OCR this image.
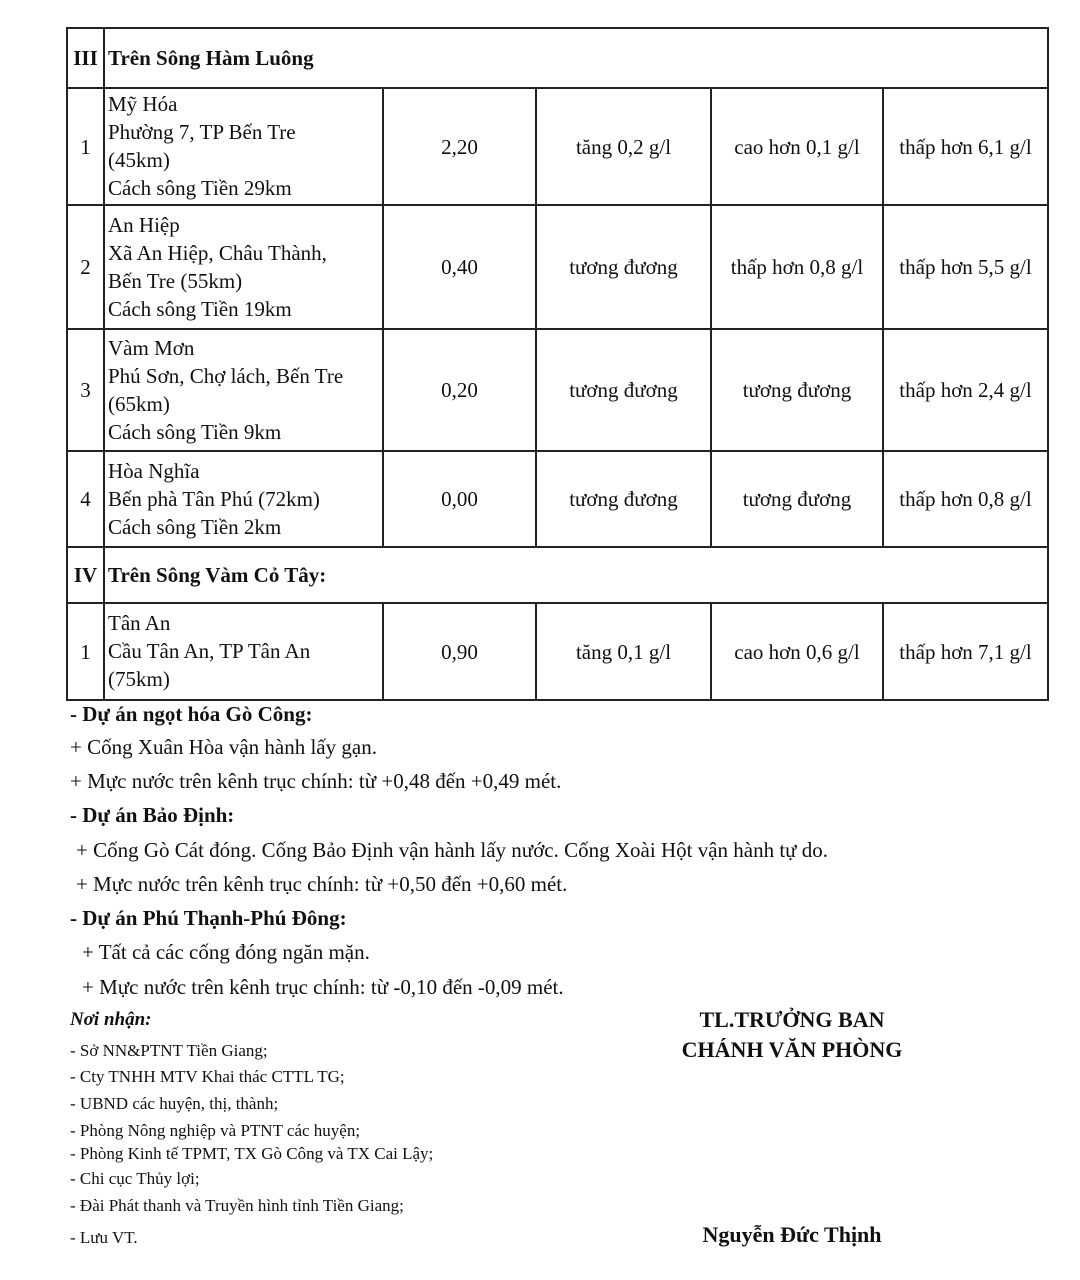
III	Trên Sông Hàm Luông				
1	Mỹ Hóa
Phường 7, TP Bến Tre
(45km)
Cách sông Tiền 29km	2,20	tăng 0,2 g/l	cao hơn 0,1 g/l	thấp hơn 6,1 g/l
2	An Hiệp
Xã An Hiệp, Châu Thành,
Bến Tre (55km)
Cách sông Tiền 19km	0,40	tương đương	thấp hơn 0,8 g/l	thấp hơn 5,5 g/l
3	Vàm Mơn
Phú Sơn, Chợ lách, Bến Tre
(65km)
Cách sông Tiền 9km	0,20	tương đương	tương đương	thấp hơn 2,4 g/l
4	Hòa Nghĩa
Bến phà Tân Phú (72km)
Cách sông Tiền 2km	0,00	tương đương	tương đương	thấp hơn 0,8 g/l
IV	Trên Sông Vàm Cỏ Tây:				
1	Tân An
Cầu Tân An, TP Tân An
(75km)	0,90	tăng 0,1 g/l	cao hơn 0,6 g/l	thấp hơn 7,1 g/l
- Dự án ngọt hóa Gò Công:
+ Cống Xuân Hòa vận hành lấy gạn.
+ Mực nước trên kênh trục chính: từ +0,48 đến +0,49 mét.
- Dự án Bảo Định:
+ Cống Gò Cát đóng. Cống Bảo Định vận hành lấy nước. Cống Xoài Hột vận hành tự do.
+ Mực nước trên kênh trục chính: từ +0,50 đến +0,60 mét.
- Dự án Phú Thạnh-Phú Đông:
+ Tất cả các cống đóng ngăn mặn.
+ Mực nước trên kênh trục chính: từ -0,10 đến -0,09 mét.
Nơi nhận:
- Sở NN&PTNT Tiền Giang;
- Cty TNHH MTV Khai thác CTTL TG;
- UBND các huyện, thị, thành;
- Phòng Nông nghiệp và PTNT các huyện;
- Phòng Kinh tế TPMT, TX Gò Công và TX Cai Lậy;
- Chi cục Thủy lợi;
- Đài Phát thanh và Truyền hình tỉnh Tiền Giang;
- Lưu VT.
TL.TRƯỞNG BAN
CHÁNH VĂN PHÒNG
Nguyễn Đức Thịnh
